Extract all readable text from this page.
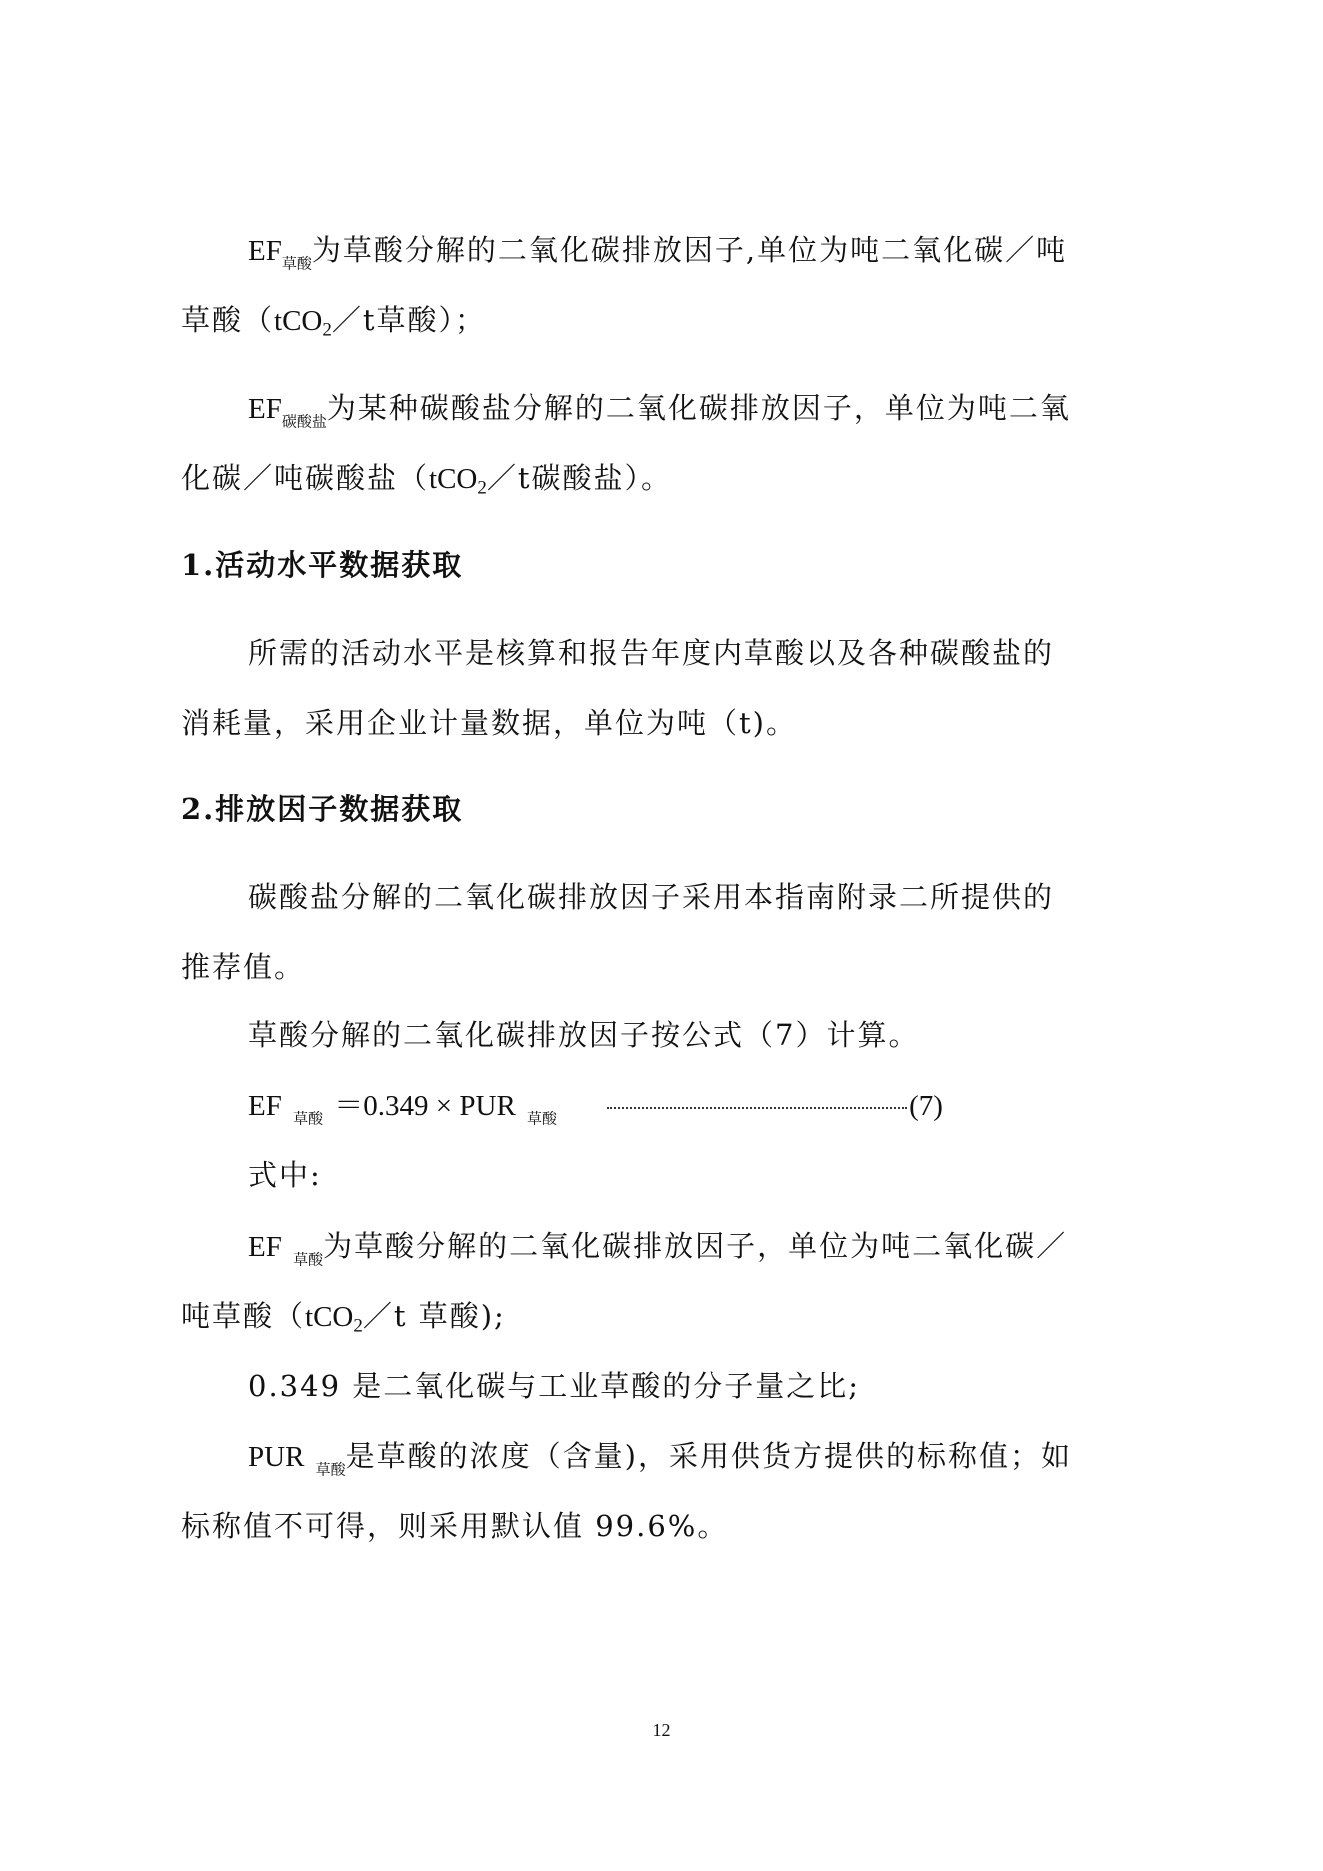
$EF_{草酸}$为草酸分解的二氧化碳排放因子,单位为吨二氧化碳／吨
草酸（tCO2／t草酸）；
$EF_{碳酸盐}$为某种碳酸盐分解的二氧化碳排放因子，单位为吨二氧
化碳／吨碳酸盐（tCO2／t碳酸盐）。
1.活动水平数据获取
所需的活动水平是核算和报告年度内草酸以及各种碳酸盐的
消耗量，采用企业计量数据，单位为吨（t)。
2.排放因子数据获取
碳酸盐分解的二氧化碳排放因子采用本指南附录二所提供的
推荐值。
草酸分解的二氧化碳排放因子按公式（7）计算。
EF $_{草酸}$ ＝0.349 × PUR $_{草酸}$	(7)
式中:
EF $_{草酸}$为草酸分解的二氧化碳排放因子，单位为吨二氧化碳／
吨草酸（tCO2／t 草酸);
0.349 是二氧化碳与工业草酸的分子量之比;
PUR $_{草酸}$是草酸的浓度（含量)，采用供货方提供的标称值；如
标称值不可得，则采用默认值 99.6%。
12
